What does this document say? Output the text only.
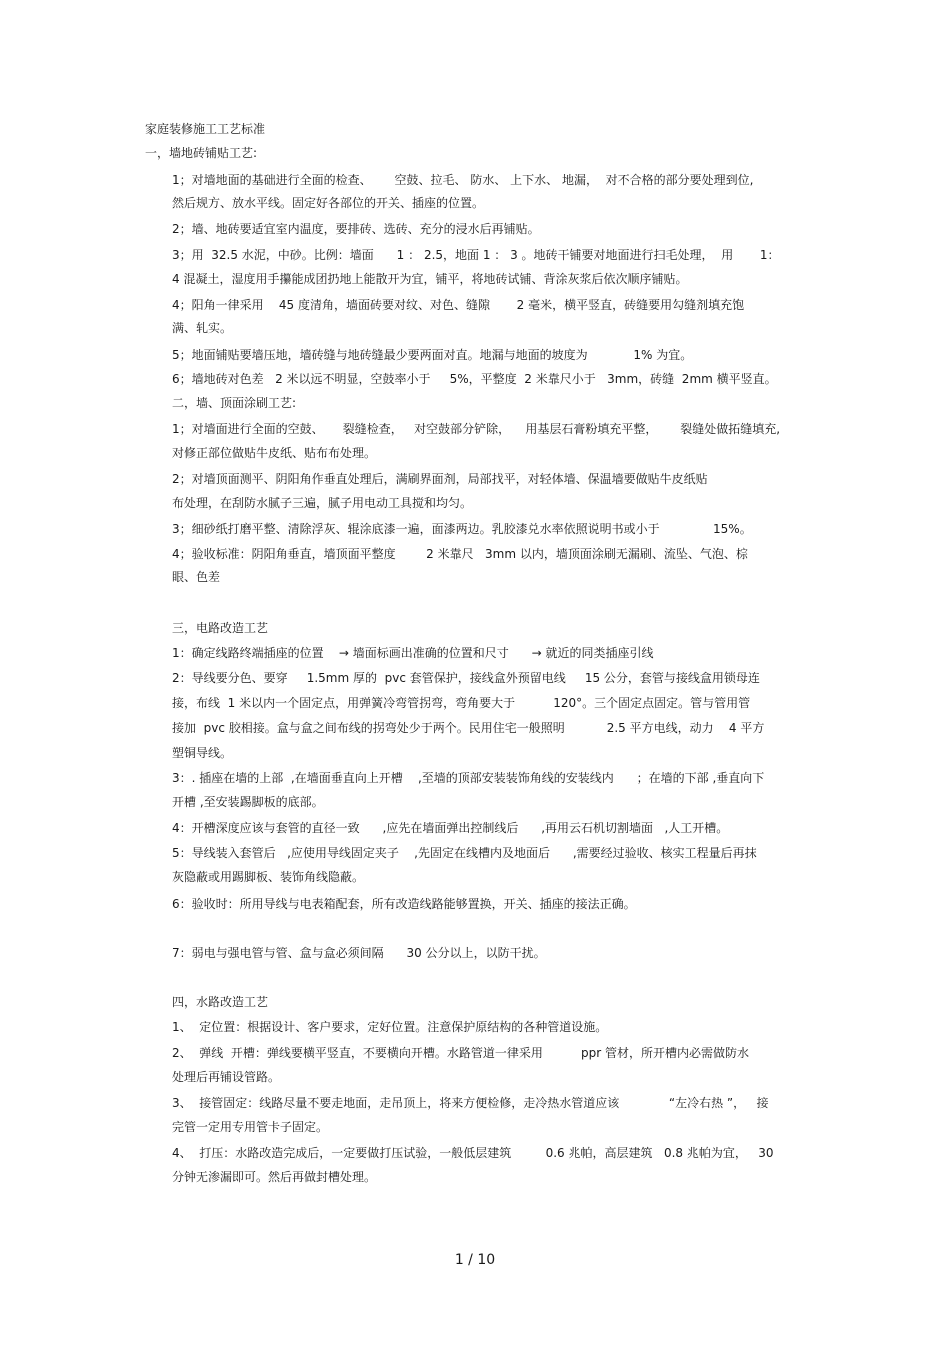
家庭装修施工工艺标准
一，墙地砖铺贴工艺:
1；对墙地面的基础进行全面的检查、      空鼓、拉毛、 防水、 上下水、 地漏，  对不合格的部分要处理到位,
然后规方、放水平线。固定好各部位的开关、插座的位置。
2；墙、地砖要适宜室内温度，要排砖、选砖、充分的浸水后再铺贴。
3；用  32.5 水泥，中砂。比例：墙面      1 ： 2.5，地面 1 ： 3 。地砖干铺要对地面进行扫毛处理，  用       1：
4 混凝土，湿度用手攥能成团扔地上能散开为宜，铺平，将地砖试铺、背涂灰浆后依次顺序铺贴。
4；阳角一律采用    45 度清角，墙面砖要对纹、对色、缝隙       2 毫米，横平竖直，砖缝要用勾缝剂填充饱
满、轧实。
5；地面铺贴要墙压地，墙砖缝与地砖缝最少要两面对直。地漏与地面的坡度为            1% 为宜。
6；墙地砖对色差   2 米以远不明显，空鼓率小于     5%，平整度  2 米靠尺小于   3mm，砖缝  2mm 横平竖直。
二，墙、顶面涂刷工艺:
1；对墙面进行全面的空鼓、     裂缝检查，   对空鼓部分铲除，    用基层石膏粉填充平整，      裂缝处做拓缝填充,
对修正部位做贴牛皮纸、贴布布处理。
2；对墙顶面测平、阴阳角作垂直处理后，满刷界面剂，局部找平，对轻体墙、保温墙要做贴牛皮纸贴
布处理，在刮防水腻子三遍，腻子用电动工具搅和均匀。
3；细砂纸打磨平整、清除浮灰、辊涂底漆一遍，面漆两边。乳胶漆兑水率依照说明书或小于              15%。
4；验收标准：阴阳角垂直，墙顶面平整度        2 米靠尺   3mm 以内，墙顶面涂刷无漏刷、流坠、气泡、棕
眼、色差
三，电路改造工艺
1：确定线路终端插座的位置    → 墙面标画出准确的位置和尺寸      → 就近的同类插座引线
2：导线要分色、要穿     1.5mm 厚的  pvc 套管保护，接线盒外预留电线     15 公分，套管与接线盒用锁母连
接，布线  1 米以内一个固定点，用弹簧冷弯管拐弯，弯角要大于          120°。三个固定点固定。管与管用管
接加  pvc 胶相接。盒与盒之间布线的拐弯处少于两个。民用住宅一般照明           2.5 平方电线，动力    4 平方
塑铜导线。
3：. 插座在墙的上部  ,在墙面垂直向上开槽    ,至墙的顶部安装装饰角线的安装线内      ；在墙的下部 ,垂直向下
开槽 ,至安装踢脚板的底部。
4：开槽深度应该与套管的直径一致      ,应先在墙面弹出控制线后      ,再用云石机切割墙面   ,人工开槽。
5：导线装入套管后   ,应使用导线固定夹子    ,先固定在线槽内及地面后      ,需要经过验收、核实工程量后再抹
灰隐蔽或用踢脚板、装饰角线隐蔽。
6：验收时：所用导线与电表箱配套，所有改造线路能够置换，开关、插座的接法正确。
7：弱电与强电管与管、盒与盒必须间隔      30 公分以上，以防干扰。
四，水路改造工艺
1、  定位置：根据设计、客户要求，定好位置。注意保护原结构的各种管道设施。
2、  弹线  开槽：弹线要横平竖直，不要横向开槽。水路管道一律采用          ppr 管材，所开槽内必需做防水
处理后再铺设管路。
3、  接管固定：线路尽量不要走地面，走吊顶上，将来方便检修，走冷热水管道应该             “左冷右热 ”，   接
完管一定用专用管卡子固定。
4、  打压：水路改造完成后，一定要做打压试验，一般低层建筑         0.6 兆帕，高层建筑   0.8 兆帕为宜，   30
分钟无渗漏即可。然后再做封槽处理。
1 / 10
